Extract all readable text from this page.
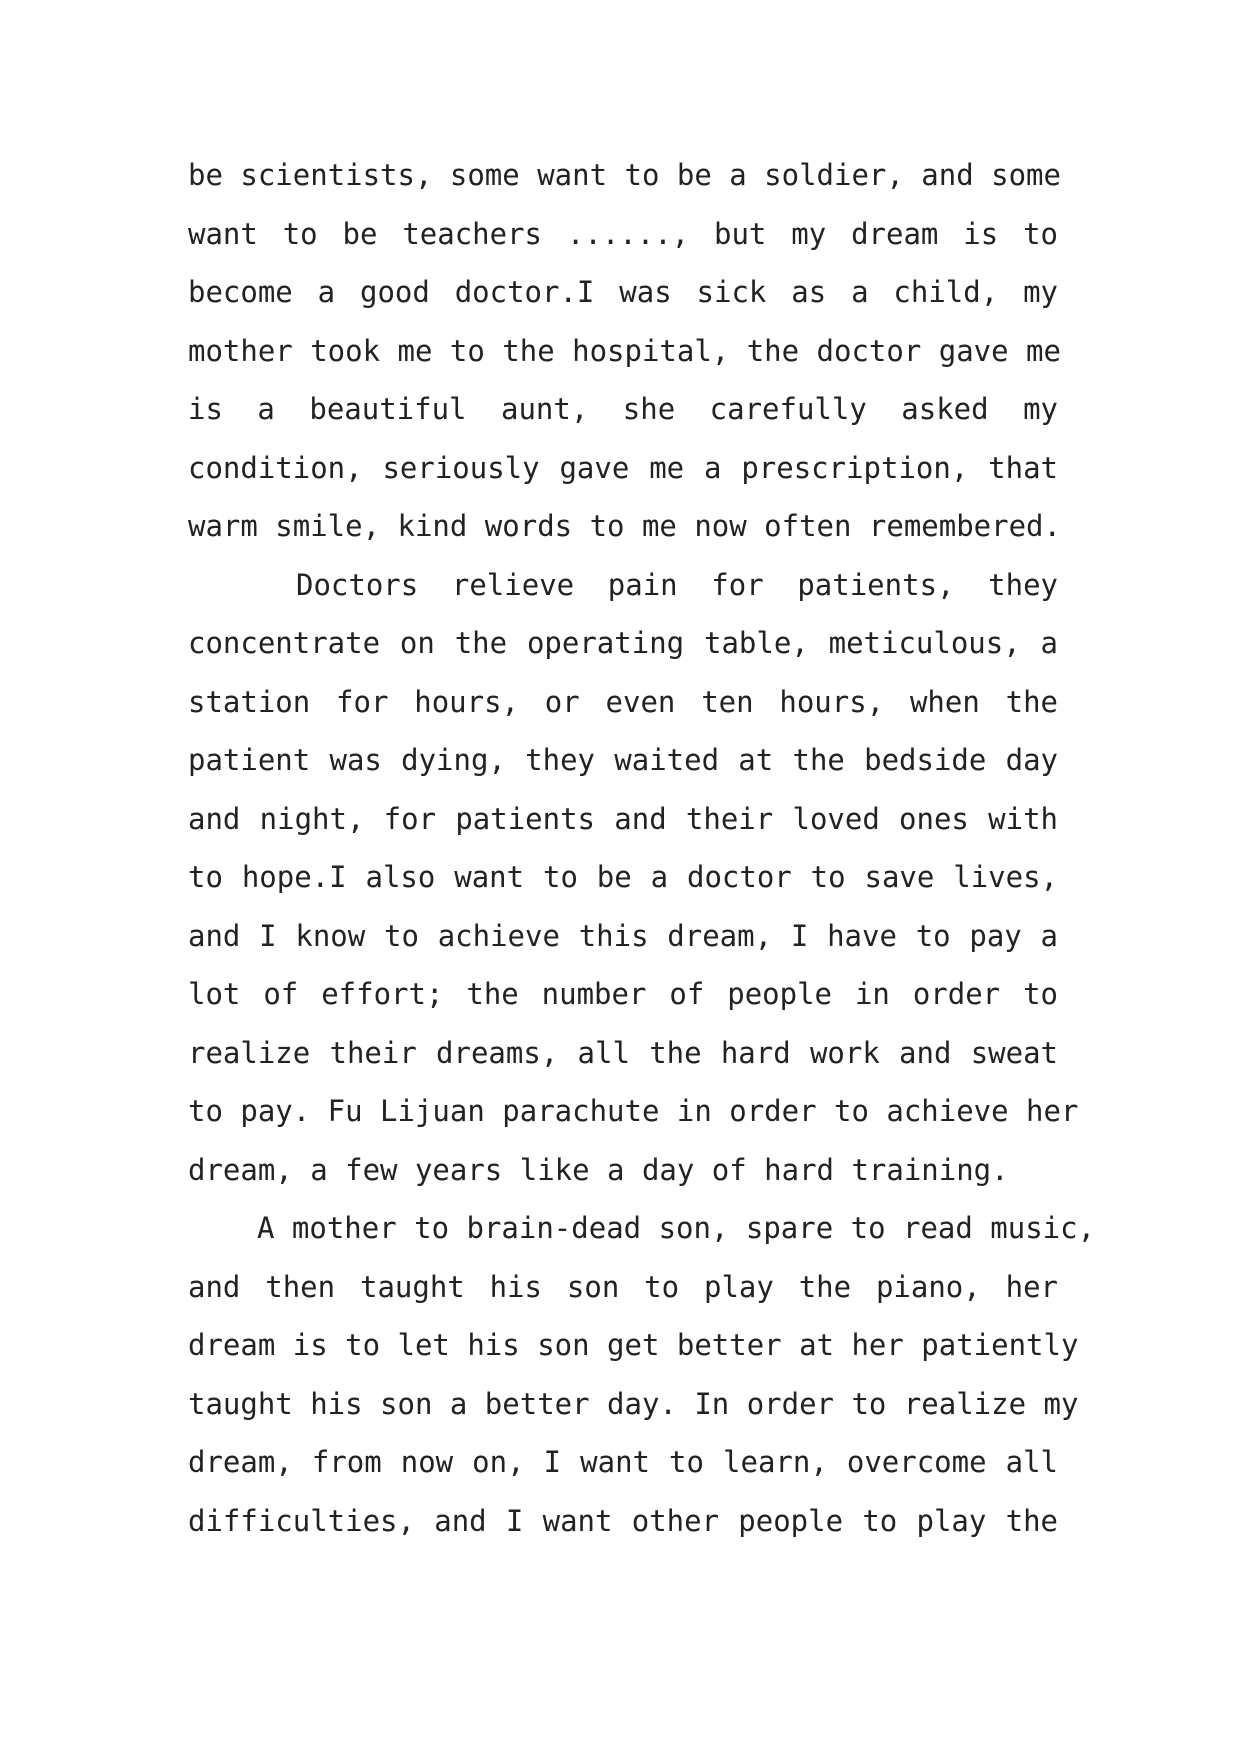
be scientists, some want to be a soldier, and some
want to be teachers ......, but my dream is to
become a good doctor.I was sick as a child, my
mother took me to the hospital, the doctor gave me
is a beautiful aunt, she carefully asked my
condition, seriously gave me a prescription, that
warm smile, kind words to me now often remembered.
Doctors relieve pain for patients, they
concentrate on the operating table, meticulous, a
station for hours, or even ten hours, when the
patient was dying, they waited at the bedside day
and night, for patients and their loved ones with
to hope.I also want to be a doctor to save lives,
and I know to achieve this dream, I have to pay a
lot of effort; the number of people in order to
realize their dreams, all the hard work and sweat
to pay. Fu Lijuan parachute in order to achieve her
dream, a few years like a day of hard training.
A mother to brain-dead son, spare to read music,
and then taught his son to play the piano, her
dream is to let his son get better at her patiently
taught his son a better day. In order to realize my
dream, from now on, I want to learn, overcome all
difficulties, and I want other people to play the
